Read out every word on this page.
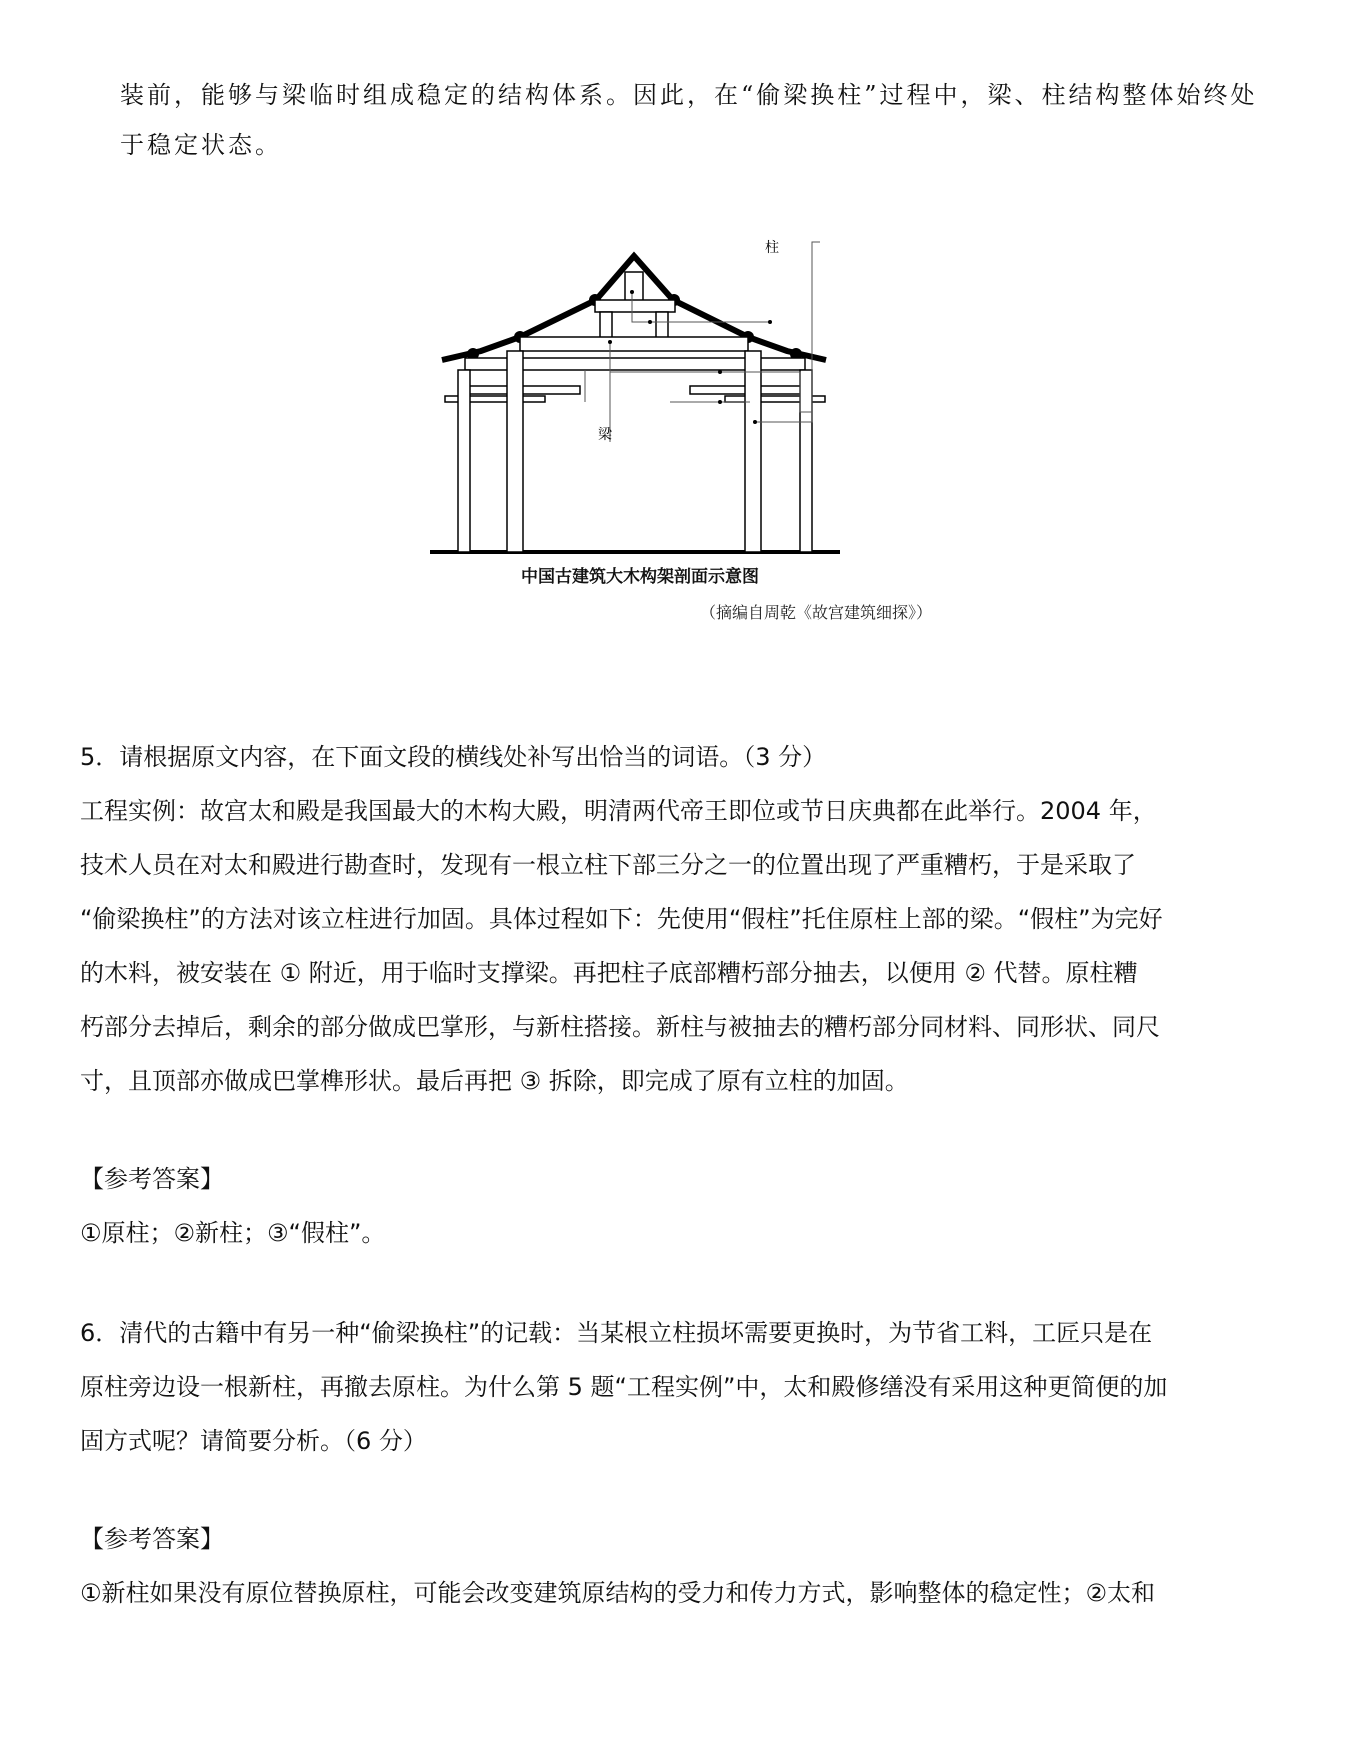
装前，能够与梁临时组成稳定的结构体系。因此，在“偷梁换柱”过程中，梁、柱结构整体始终处

于稳定状态。

柱
梁
中国古建筑大木构架剖面示意图
（摘编自周乾《故宫建筑细探》）

5．请根据原文内容，在下面文段的横线处补写出恰当的词语。（3 分）

工程实例：故宫太和殿是我国最大的木构大殿，明清两代帝王即位或节日庆典都在此举行。2004 年，

技术人员在对太和殿进行勘查时，发现有一根立柱下部三分之一的位置出现了严重糟朽，于是采取了

“偷梁换柱”的方法对该立柱进行加固。具体过程如下：先使用“假柱”托住原柱上部的梁。“假柱”为完好

的木料，被安装在 ① 附近，用于临时支撑梁。再把柱子底部糟朽部分抽去，以便用 ② 代替。原柱糟

朽部分去掉后，剩余的部分做成巴掌形，与新柱搭接。新柱与被抽去的糟朽部分同材料、同形状、同尺

寸，且顶部亦做成巴掌榫形状。最后再把 ③ 拆除，即完成了原有立柱的加固。

【参考答案】

①原柱；②新柱；③“假柱”。

6．清代的古籍中有另一种“偷梁换柱”的记载：当某根立柱损坏需要更换时，为节省工料，工匠只是在

原柱旁边设一根新柱，再撤去原柱。为什么第 5 题“工程实例”中，太和殿修缮没有采用这种更简便的加

固方式呢？请简要分析。（6 分）

【参考答案】

①新柱如果没有原位替换原柱，可能会改变建筑原结构的受力和传力方式，影响整体的稳定性；②太和
